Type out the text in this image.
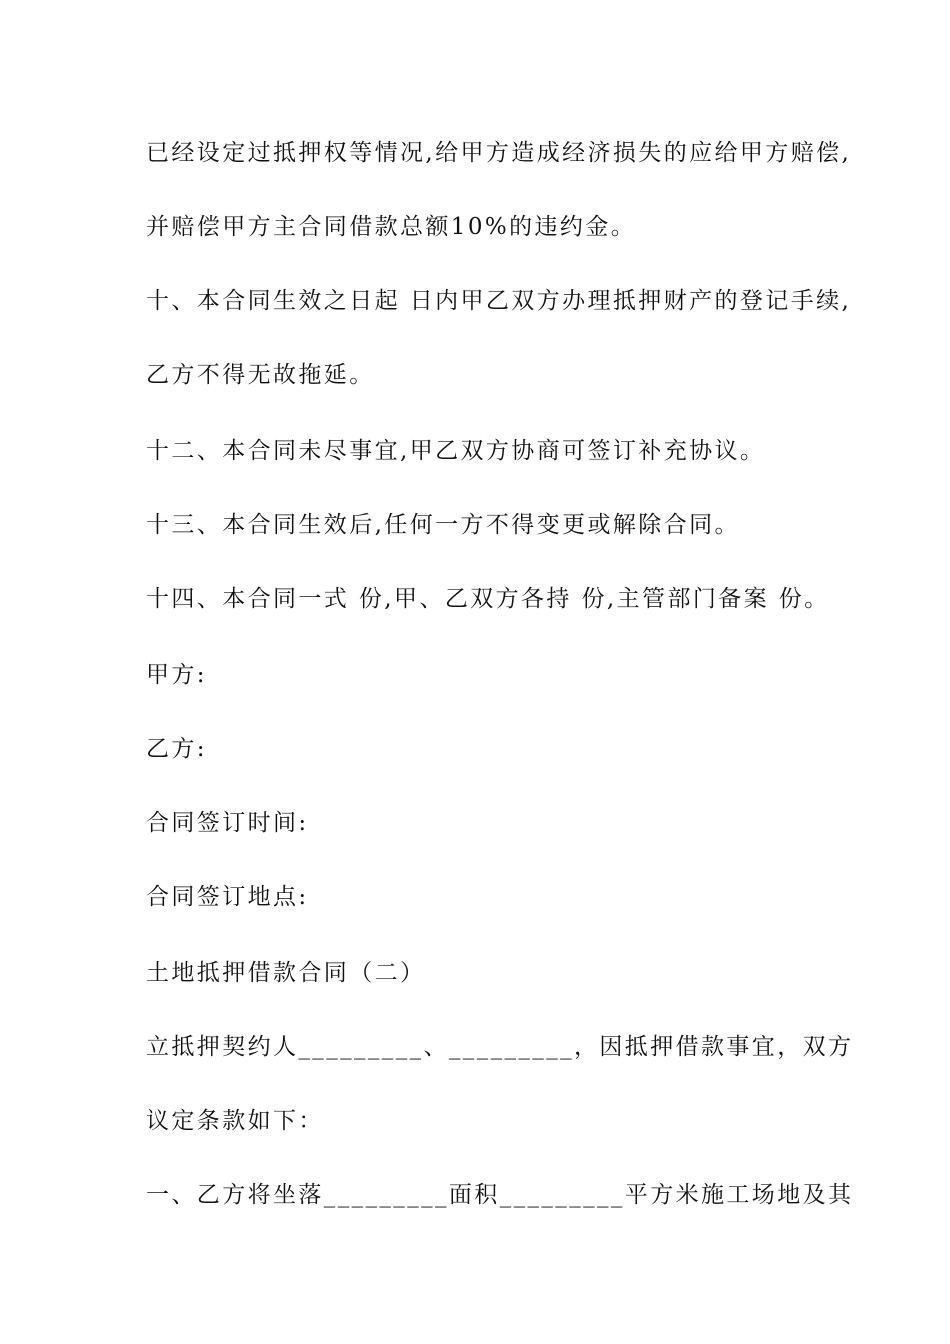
已经设定过抵押权等情况,给甲方造成经济损失的应给甲方赔偿,

并赔偿甲方主合同借款总额10%的违约金。

十、本合同生效之日起 日内甲乙双方办理抵押财产的登记手续,

乙方不得无故拖延。

十二、本合同未尽事宜,甲乙双方协商可签订补充协议。

十三、本合同生效后,任何一方不得变更或解除合同。

十四、本合同一式 份,甲、乙双方各持 份,主管部门备案 份。

甲方:

乙方:

合同签订时间:

合同签订地点:

土地抵押借款合同（二）

立抵押契约人_________、_________，因抵押借款事宜，双方

议定条款如下：

一、乙方将坐落_________面积_________平方米施工场地及其
